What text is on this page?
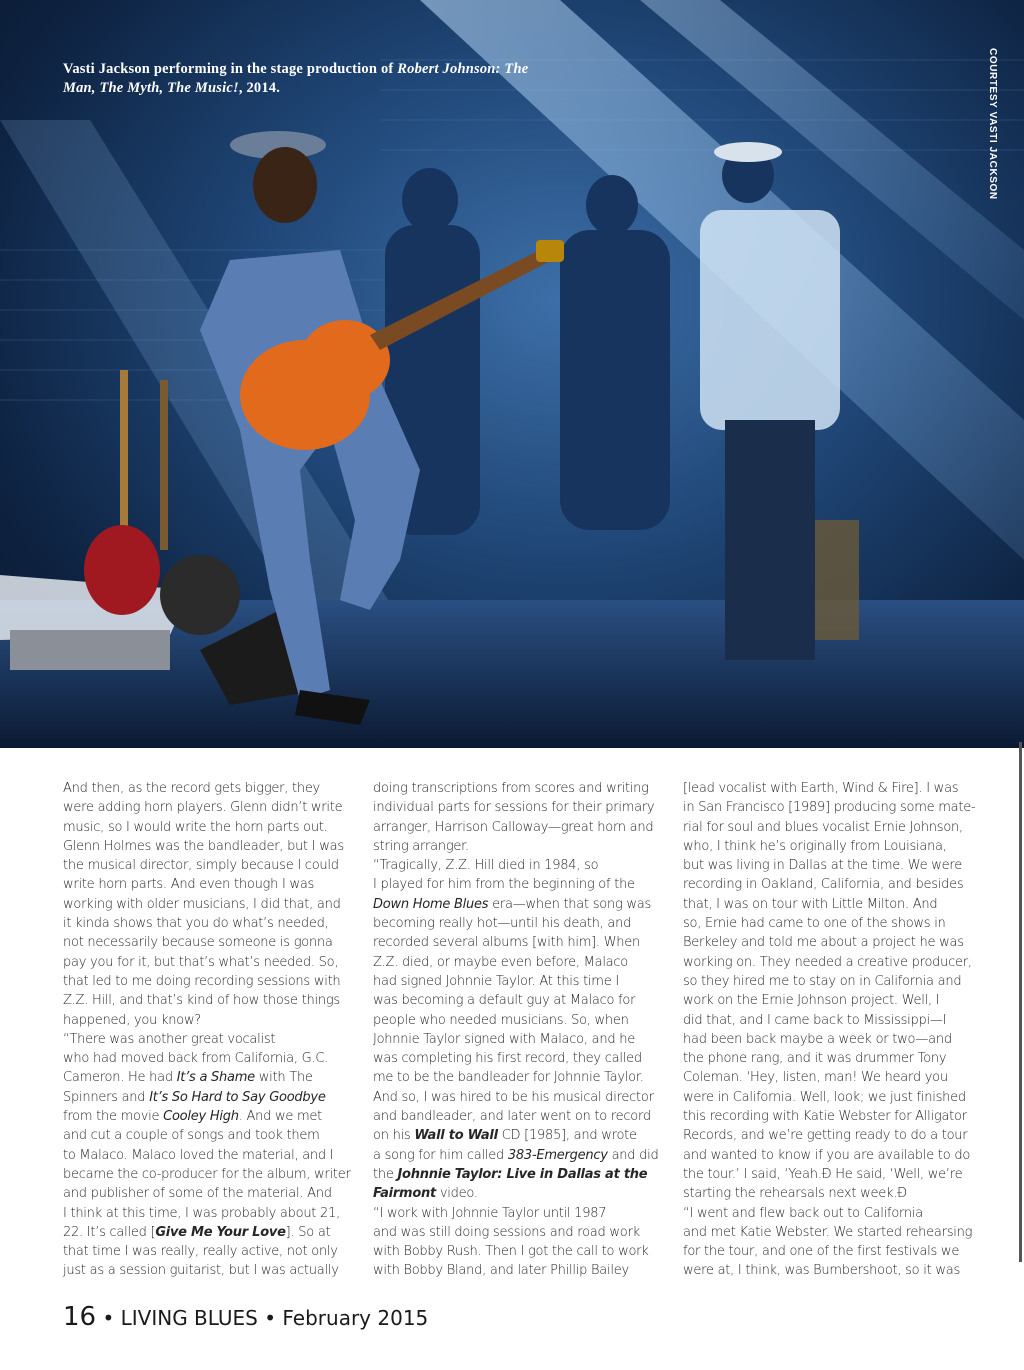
Vasti Jackson performing in the stage production of Robert Johnson: The Man, The Myth, The Music!, 2014.	COURTESY VASTI JACKSON

And then, as the record gets bigger, they

were adding horn players. Glenn didn’t write

music, so I would write the horn parts out.

Glenn Holmes was the bandleader, but I was

the musical director, simply because I could

write horn parts. And even though I was

working with older musicians, I did that, and

it kinda shows that you do what’s needed,

not necessarily because someone is gonna

pay you for it, but that’s what’s needed. So,

that led to me doing recording sessions with

Z.Z. Hill, and that’s kind of how those things

happened, you know?

“There was another great vocalist

who had moved back from California, G.C.

Cameron. He had It’s a Shame with The

Spinners and It’s So Hard to Say Goodbye

from the movie Cooley High. And we met

and cut a couple of songs and took them

to Malaco. Malaco loved the material, and I

became the co-producer for the album, writer

and publisher of some of the material. And

I think at this time, I was probably about 21,

22. It’s called [Give Me Your Love]. So at

that time I was really, really active, not only

just as a session guitarist, but I was actually

doing transcriptions from scores and writing

individual parts for sessions for their primary

arranger, Harrison Calloway—great horn and

string arranger.

“Tragically, Z.Z. Hill died in 1984, so

I played for him from the beginning of the

Down Home Blues era—when that song was

becoming really hot—until his death, and

recorded several albums [with him]. When

Z.Z. died, or maybe even before, Malaco

had signed Johnnie Taylor. At this time I

was becoming a default guy at Malaco for

people who needed musicians. So, when

Johnnie Taylor signed with Malaco, and he

was completing his first record, they called

me to be the bandleader for Johnnie Taylor.

And so, I was hired to be his musical director

and bandleader, and later went on to record

on his Wall to Wall CD [1985], and wrote

a song for him called 383-Emergency and did

the Johnnie Taylor: Live in Dallas at the

Fairmont video.

“I work with Johnnie Taylor until 1987

and was still doing sessions and road work

with Bobby Rush. Then I got the call to work

with Bobby Bland, and later Phillip Bailey

[lead vocalist with Earth, Wind & Fire]. I was

in San Francisco [1989] producing some mate-

rial for soul and blues vocalist Ernie Johnson,

who, I think he’s originally from Louisiana,

but was living in Dallas at the time. We were

recording in Oakland, California, and besides

that, I was on tour with Little Milton. And

so, Ernie had came to one of the shows in

Berkeley and told me about a project he was

working on. They needed a creative producer,

so they hired me to stay on in California and

work on the Ernie Johnson project. Well, I

did that, and I came back to Mississippi—I

had been back maybe a week or two—and

the phone rang, and it was drummer Tony

Coleman. ‘Hey, listen, man! We heard you

were in California. Well, look; we just finished

this recording with Katie Webster for Alligator

Records, and we’re getting ready to do a tour

and wanted to know if you are available to do

the tour.’ I said, ‘Yeah.Ð He said, ‘Well, we’re

starting the rehearsals next week.Ð

“I went and flew back out to California

and met Katie Webster. We started rehearsing

for the tour, and one of the first festivals we

were at, I think, was Bumbershoot, so it was

16 • LIVING BLUES • February 2015
